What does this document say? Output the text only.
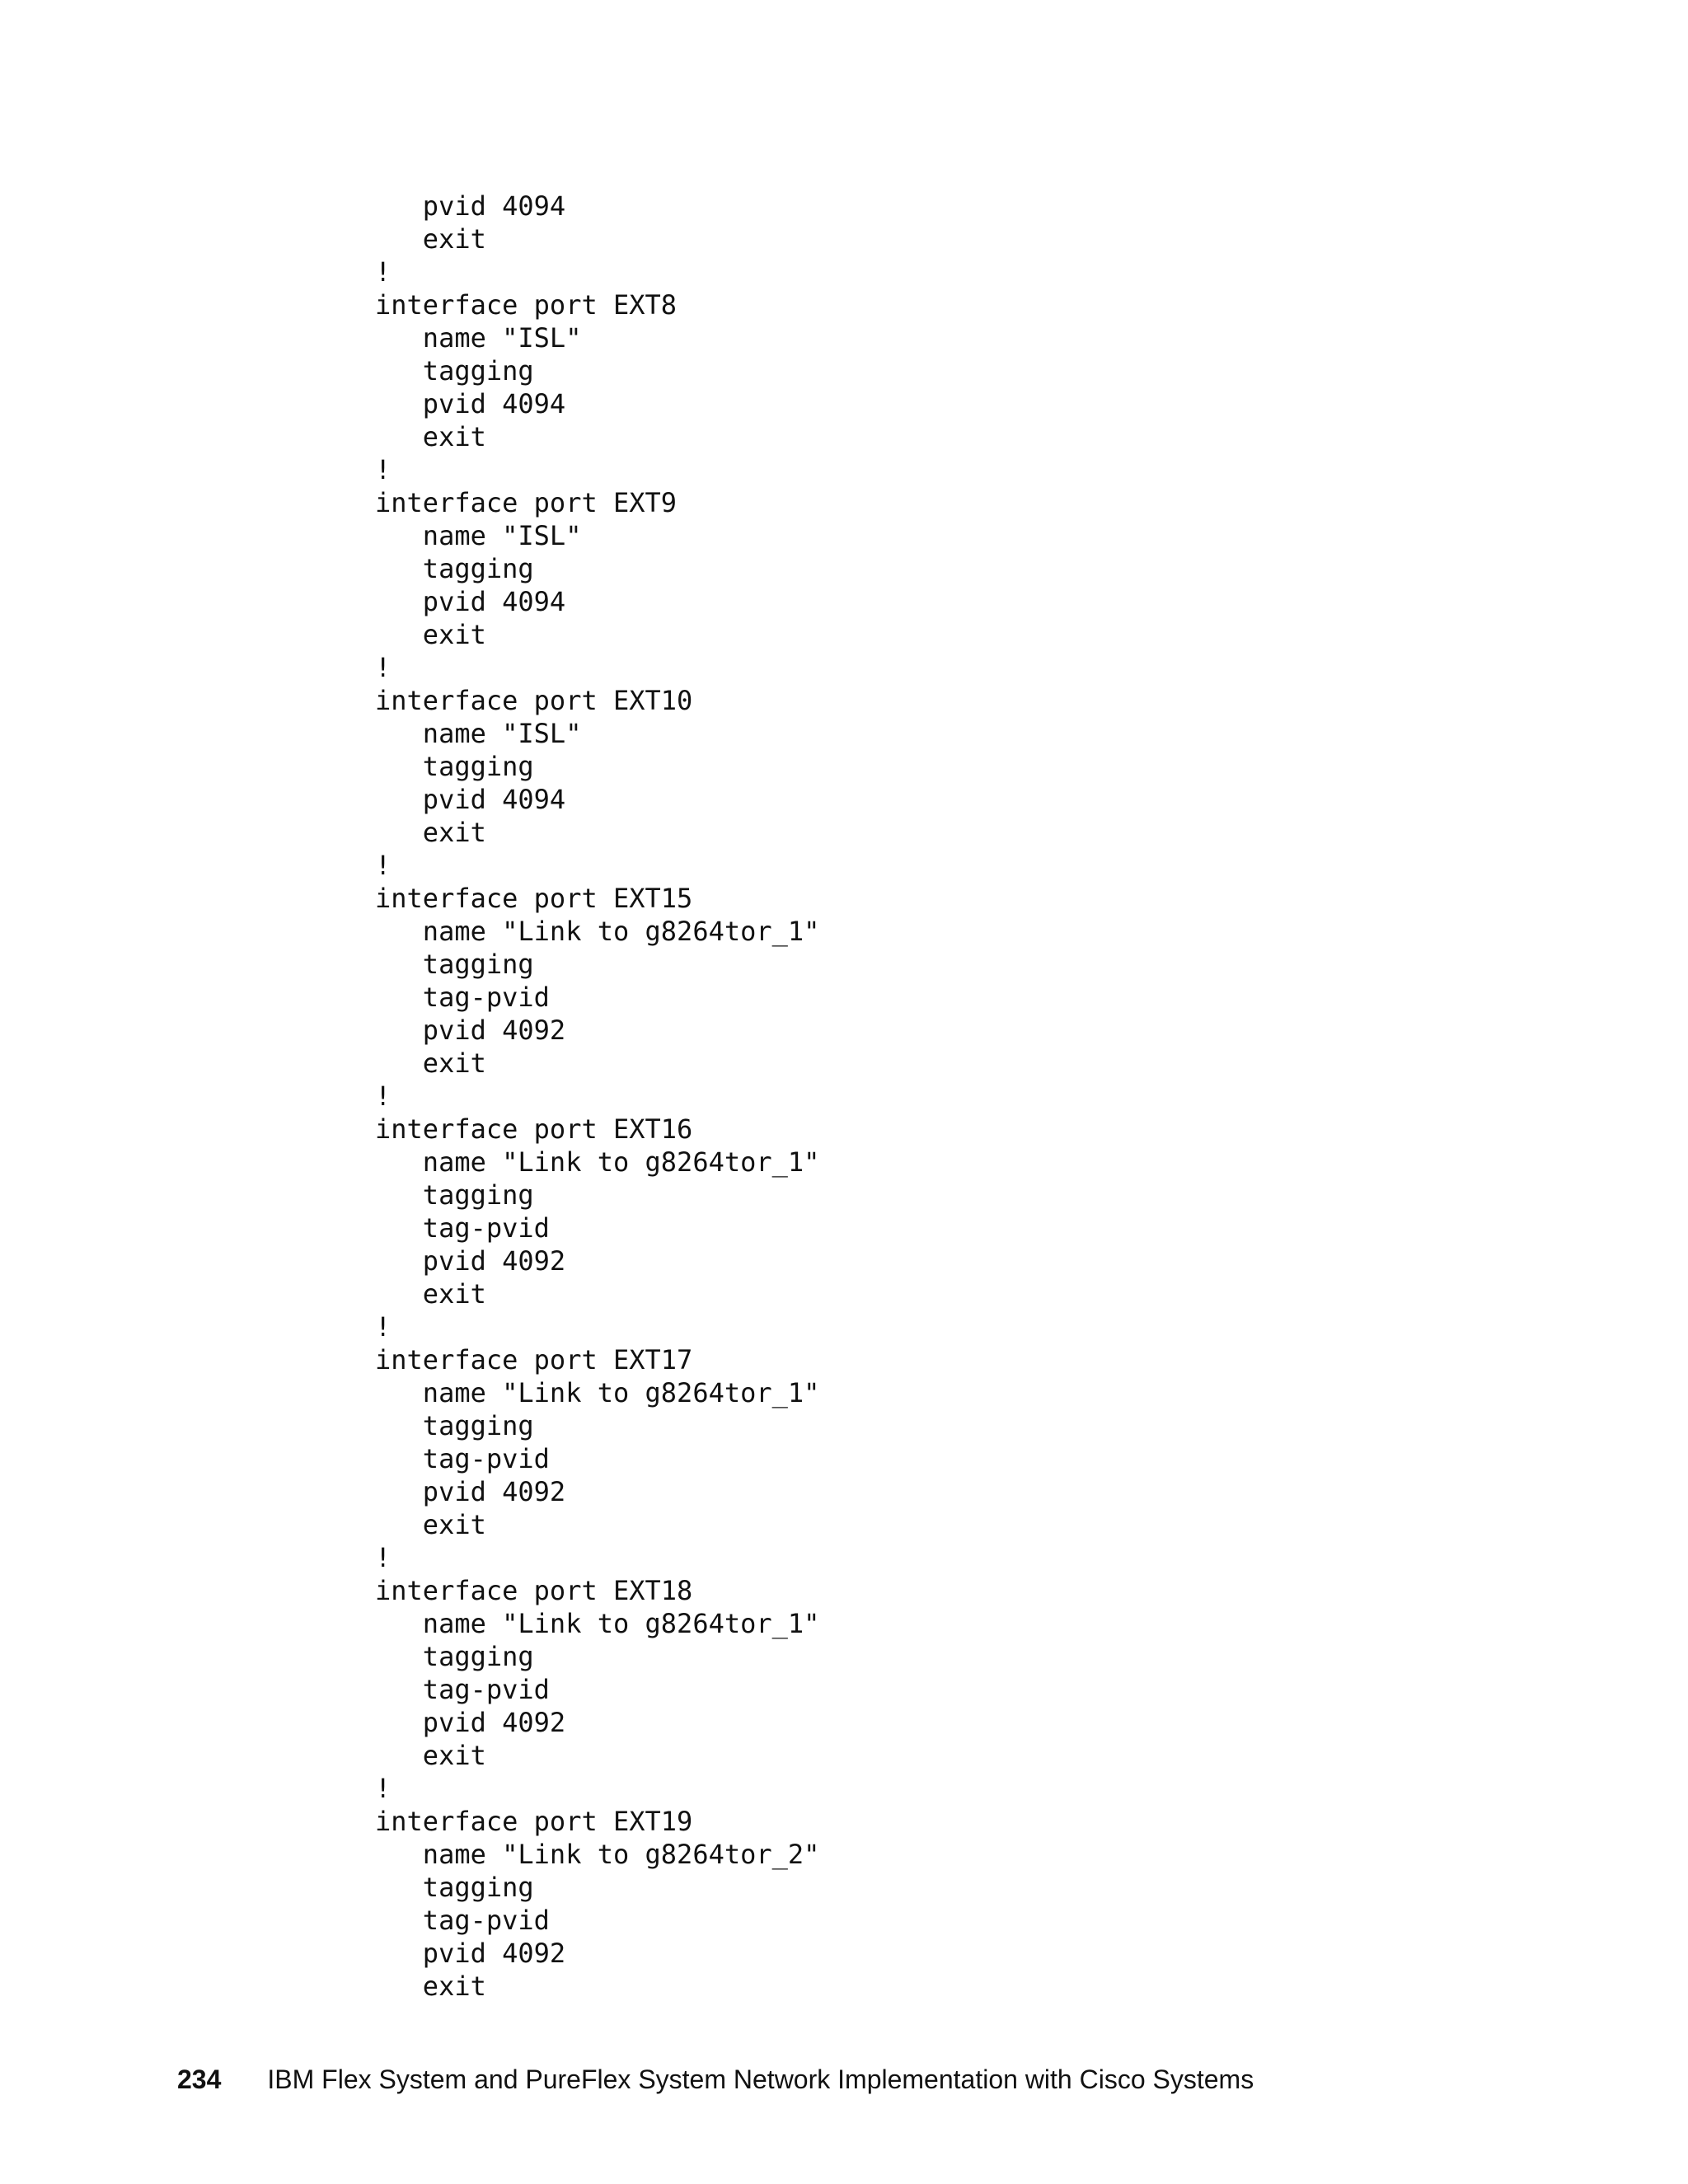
pvid 4094
exit
!
interface port EXT8
name "ISL"
tagging
pvid 4094
exit
!
interface port EXT9
name "ISL"
tagging
pvid 4094
exit
!
interface port EXT10
name "ISL"
tagging
pvid 4094
exit
!
interface port EXT15
name "Link to g8264tor_1"
tagging
tag-pvid
pvid 4092
exit
!
interface port EXT16
name "Link to g8264tor_1"
tagging
tag-pvid
pvid 4092
exit
!
interface port EXT17
name "Link to g8264tor_1"
tagging
tag-pvid
pvid 4092
exit
!
interface port EXT18
name "Link to g8264tor_1"
tagging
tag-pvid
pvid 4092
exit
!
interface port EXT19
name "Link to g8264tor_2"
tagging
tag-pvid
pvid 4092
exit
234 IBM Flex System and PureFlex System Network Implementation with Cisco Systems
